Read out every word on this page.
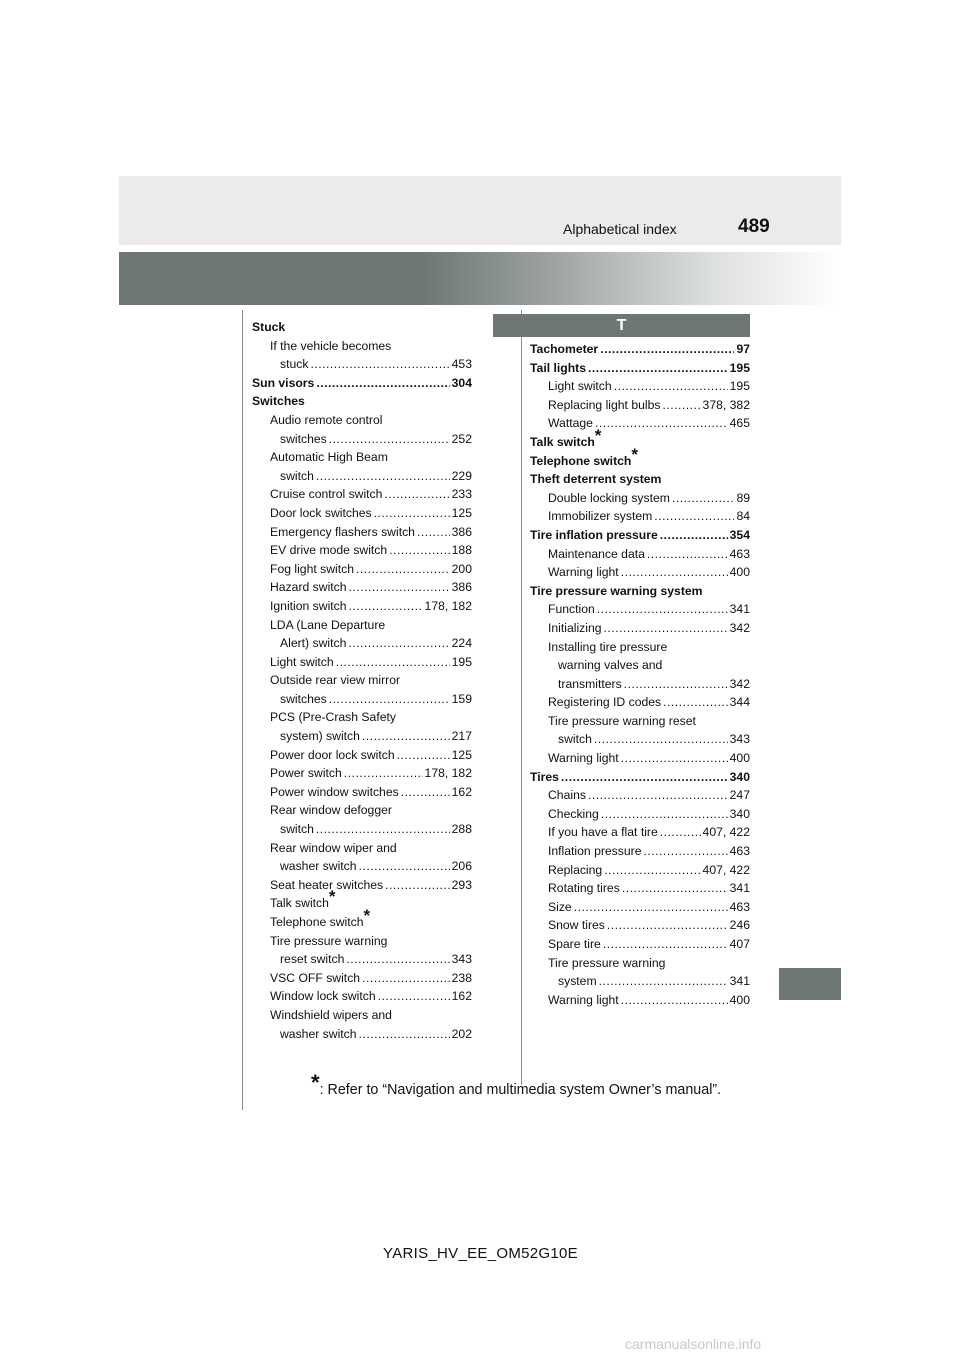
Alphabetical index	489
T
Stuck
If the vehicle becomes
stuck .....	453
Sun visors .....	304
Switches
Audio remote control
switches .....	252
Automatic High Beam
switch .....	229
Cruise control switch .....	233
Door lock switches .....	125
Emergency flashers switch .....	386
EV drive mode switch .....	188
Fog light switch .....	200
Hazard switch .....	386
Ignition switch .....	178, 182
LDA (Lane Departure
Alert) switch .....	224
Light switch .....	195
Outside rear view mirror
switches .....	159
PCS (Pre-Crash Safety
system) switch .....	217
Power door lock switch .....	125
Power switch .....	178, 182
Power window switches .....	162
Rear window defogger
switch .....	288
Rear window wiper and
washer switch .....	206
Seat heater switches .....	293
Talk switch*
Telephone switch*
Tire pressure warning
reset switch .....	343
VSC OFF switch .....	238
Window lock switch .....	162
Windshield wipers and
washer switch .....	202
Tachometer .....	97
Tail lights .....	195
Light switch .....	195
Replacing light bulbs .....	378, 382
Wattage .....	465
Talk switch*
Telephone switch*
Theft deterrent system
Double locking system .....	89
Immobilizer system .....	84
Tire inflation pressure .....	354
Maintenance data .....	463
Warning light .....	400
Tire pressure warning system
Function .....	341
Initializing .....	342
Installing tire pressure
warning valves and
transmitters .....	342
Registering ID codes .....	344
Tire pressure warning reset
switch .....	343
Warning light .....	400
Tires .....	340
Chains .....	247
Checking .....	340
If you have a flat tire .....	407, 422
Inflation pressure .....	463
Replacing .....	407, 422
Rotating tires .....	341
Size .....	463
Snow tires .....	246
Spare tire .....	407
Tire pressure warning
system .....	341
Warning light .....	400
*: Refer to “Navigation and multimedia system Owner’s manual”.
YARIS_HV_EE_OM52G10E
carmanualsonline.info
